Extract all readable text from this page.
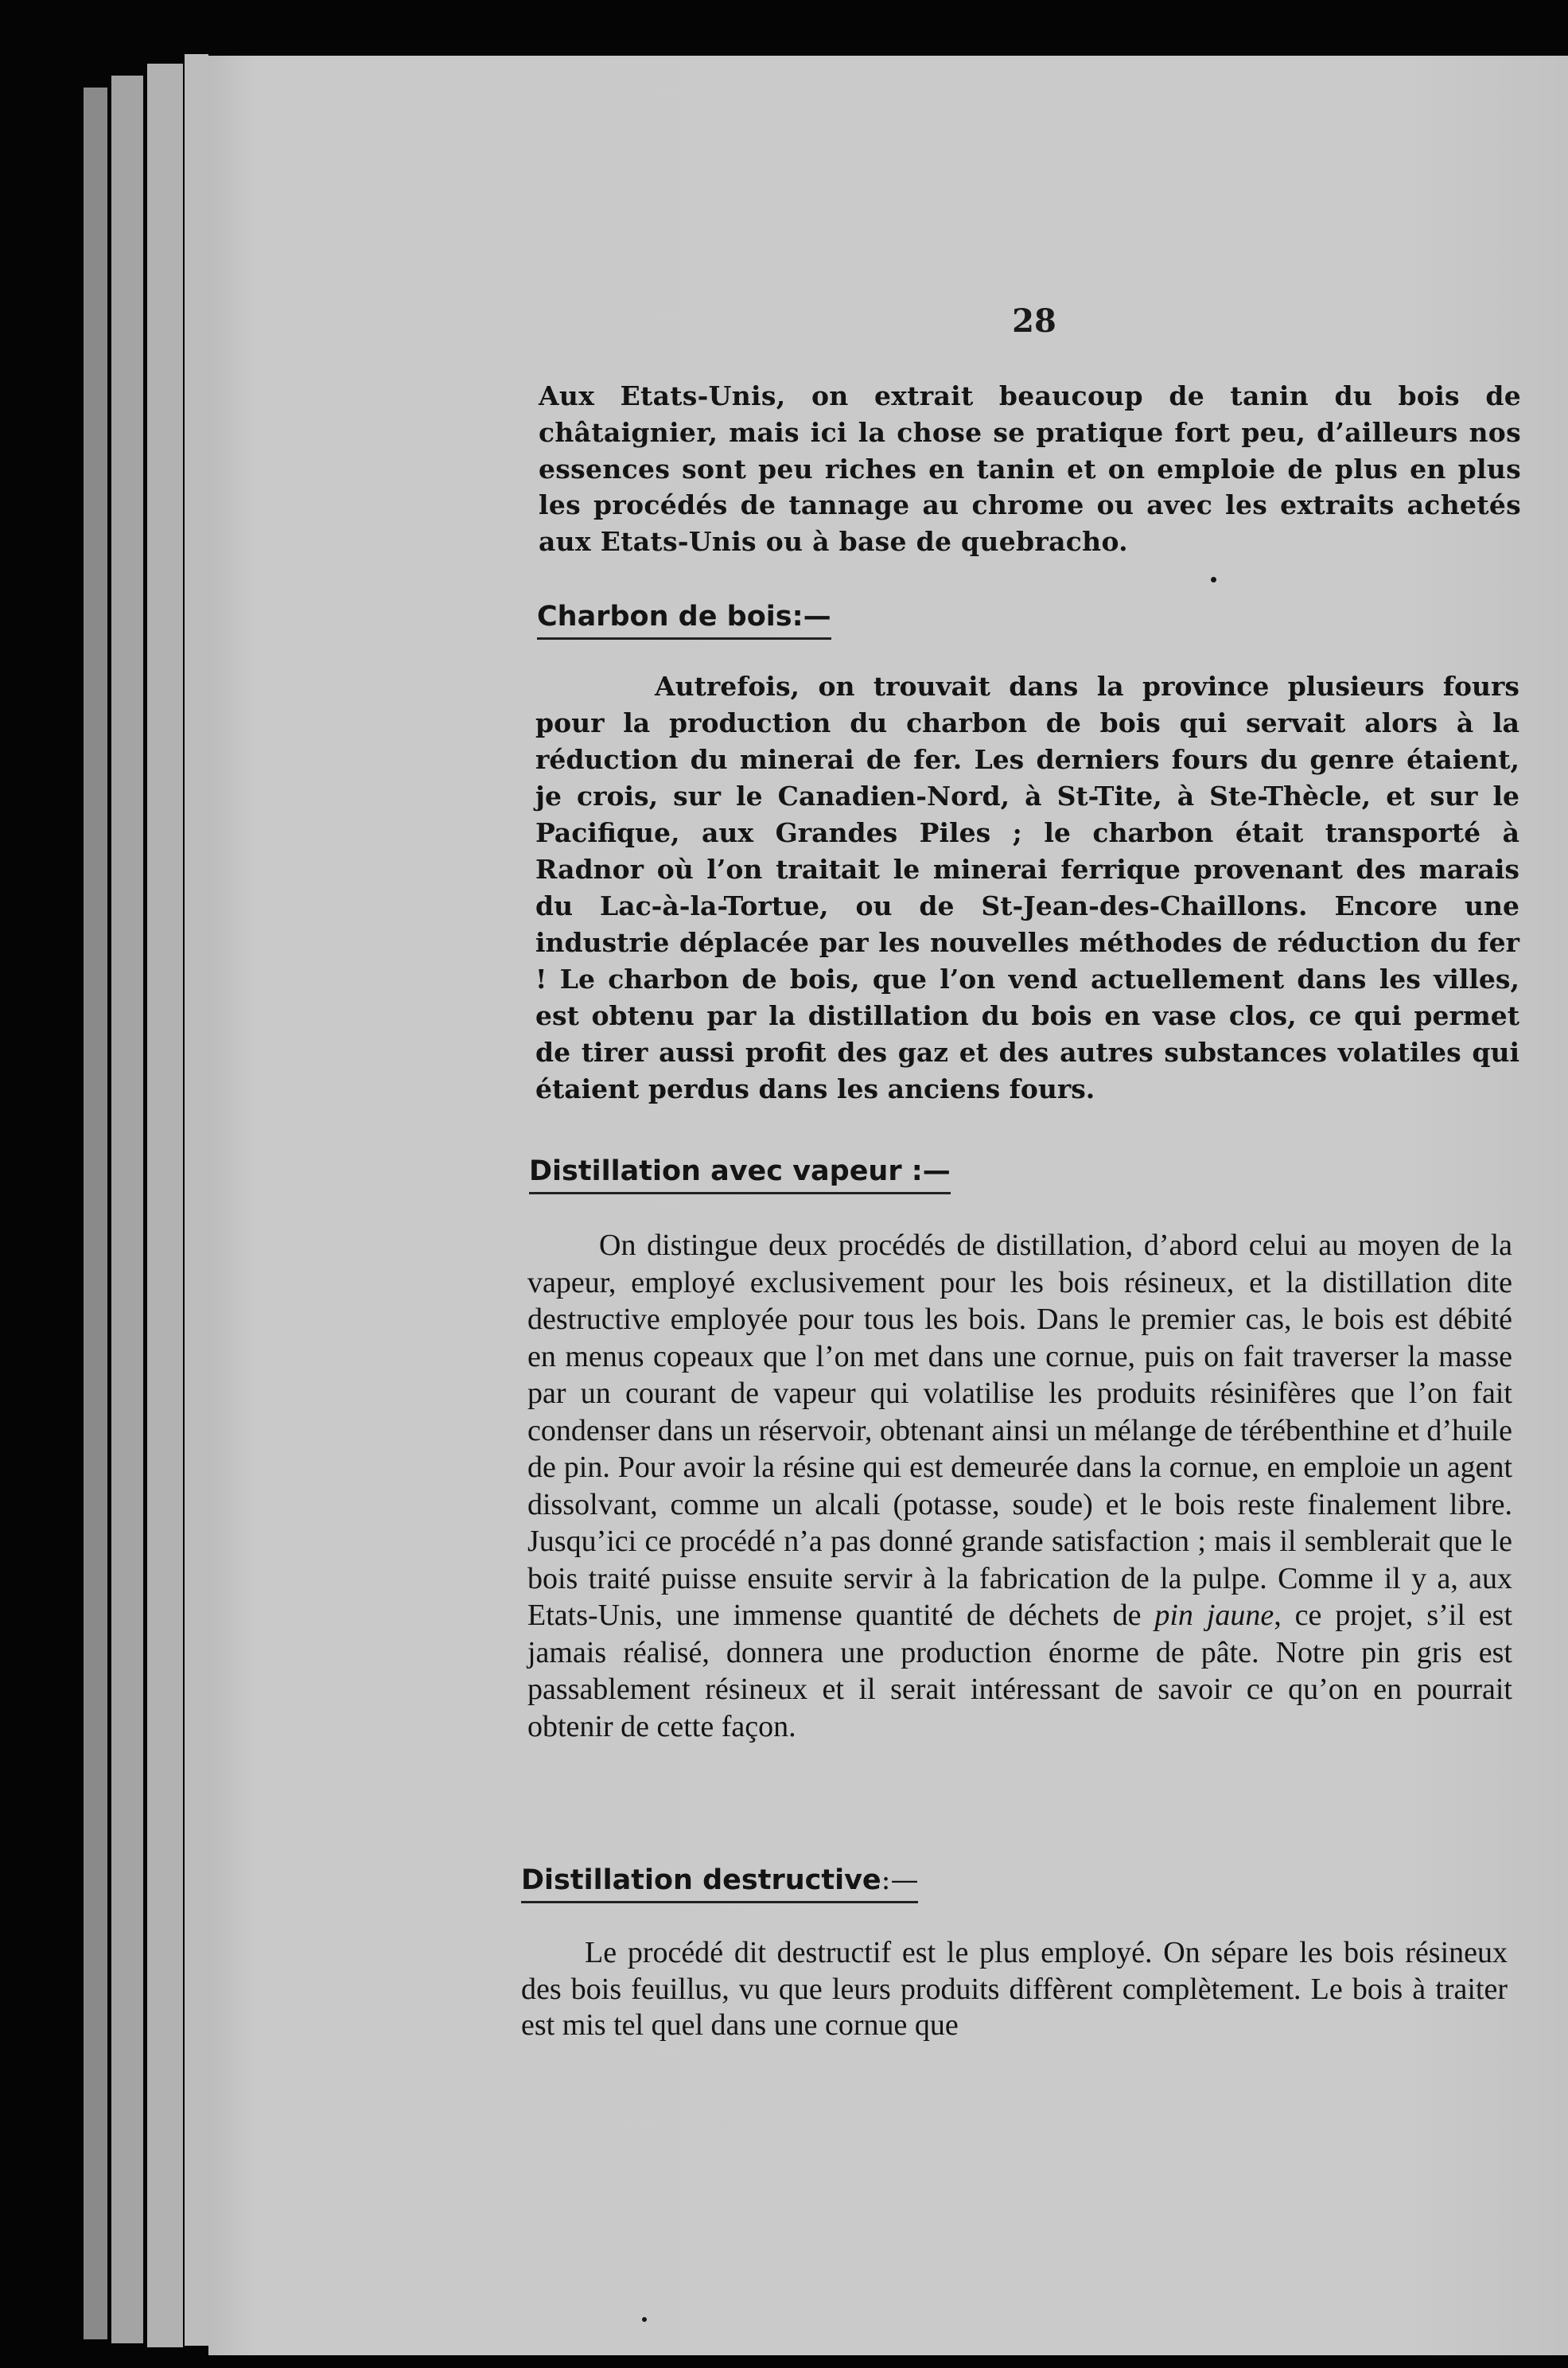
28

Aux Etats-Unis, on extrait beaucoup de tanin du bois de châtaignier, mais ici la chose se pratique fort peu, d’ailleurs nos essences sont peu riches en tanin et on emploie de plus en plus les procédés de tannage au chrome ou avec les extraits achetés aux Etats-Unis ou à base de quebracho.

Charbon de bois:—

Autrefois, on trouvait dans la province plusieurs fours pour la production du charbon de bois qui servait alors à la réduction du minerai de fer. Les derniers fours du genre étaient, je crois, sur le Canadien-Nord, à St-Tite, à Ste-Thècle, et sur le Pacifique, aux Grandes Piles ; le charbon était transporté à Radnor où l’on traitait le minerai ferrique provenant des marais du Lac-à-la-Tortue, ou de St-Jean-des-Chaillons. Encore une industrie déplacée par les nouvelles méthodes de réduction du fer ! Le charbon de bois, que l’on vend actuellement dans les villes, est obtenu par la distillation du bois en vase clos, ce qui permet de tirer aussi profit des gaz et des autres substances volatiles qui étaient perdus dans les anciens fours.

Distillation avec vapeur :—

On distingue deux procédés de distillation, d’abord celui au moyen de la vapeur, employé exclusivement pour les bois résineux, et la distillation dite destructive employée pour tous les bois. Dans le premier cas, le bois est débité en menus copeaux que l’on met dans une cornue, puis on fait traverser la masse par un courant de vapeur qui volatilise les produits résinifères que l’on fait condenser dans un réservoir, obtenant ainsi un mélange de térébenthine et d’huile de pin. Pour avoir la résine qui est demeurée dans la cornue, en emploie un agent dissolvant, comme un alcali (potasse, soude) et le bois reste finalement libre. Jusqu’ici ce procédé n’a pas donné grande satisfaction ; mais il semblerait que le bois traité puisse ensuite servir à la fabrication de la pulpe. Comme il y a, aux Etats-Unis, une immense quantité de déchets de pin jaune, ce projet, s’il est jamais réalisé, donnera une production énorme de pâte. Notre pin gris est passablement résineux et il serait intéressant de savoir ce qu’on en pourrait obtenir de cette façon.

Distillation destructive:—

Le procédé dit destructif est le plus employé. On sépare les bois résineux des bois feuillus, vu que leurs produits diffèrent complètement. Le bois à traiter est mis tel quel dans une cornue que
